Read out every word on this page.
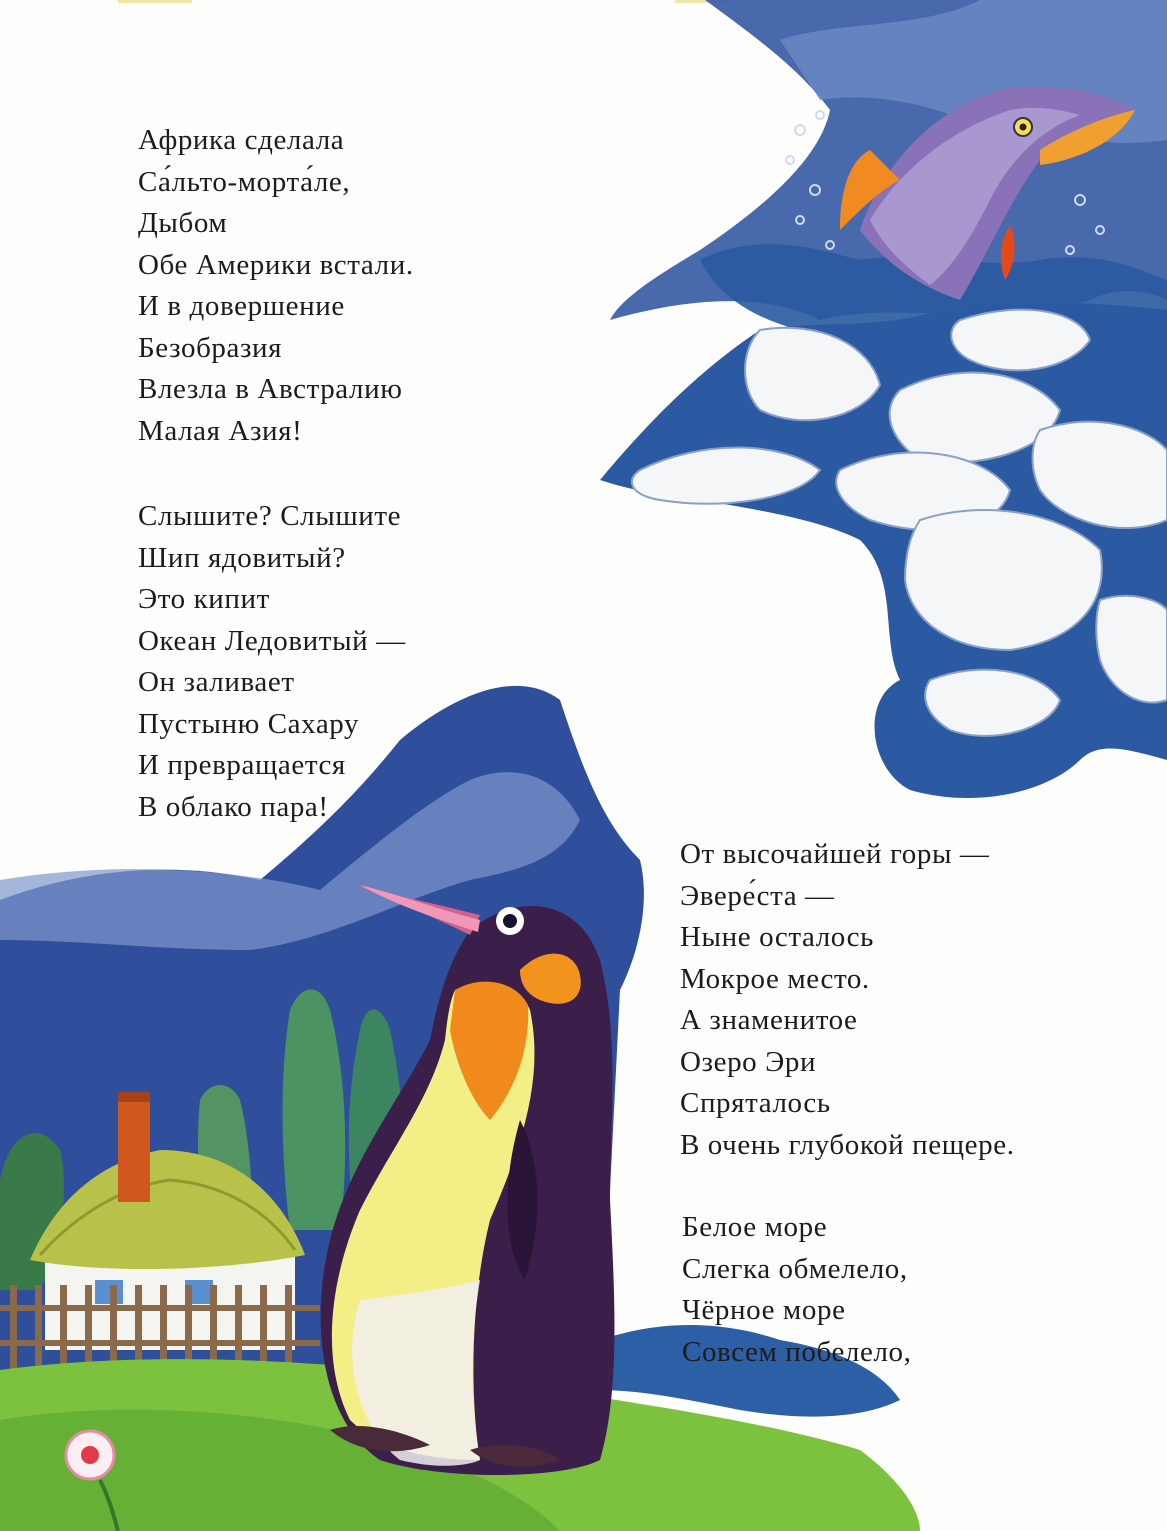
Африка сделала
Са́льто-морта́ле,
Дыбом
Обе Америки встали.
И в довершение
Безобразия
Влезла в Австралию
Малая Азия!
Слышите? Слышите
Шип ядовитый?
Это кипит
Океан Ледовитый —
Он заливает
Пустыню Сахару
И превращается
В облако пара!
От высочайшей горы —
Эвере́ста —
Ныне осталось
Мокрое место.
А знаменитое
Озеро Эри
Спряталось
В очень глубокой пещере.
Белое море
Слегка обмелело,
Чёрное море
Совсем побелело,
